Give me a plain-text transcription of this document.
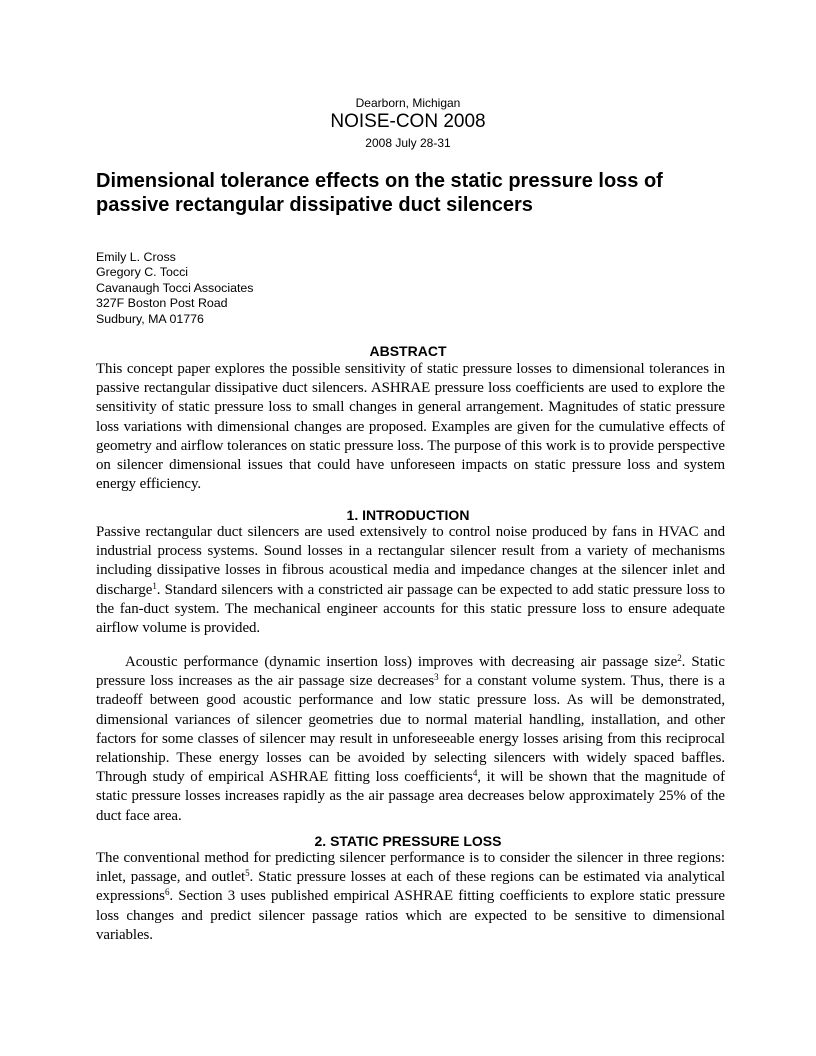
Dearborn, Michigan
NOISE-CON 2008
2008 July 28-31
Dimensional tolerance effects on the static pressure loss of passive rectangular dissipative duct silencers
Emily L. Cross
Gregory C. Tocci
Cavanaugh Tocci Associates
327F Boston Post Road
Sudbury, MA 01776
ABSTRACT

This concept paper explores the possible sensitivity of static pressure losses to dimensional tolerances in passive rectangular dissipative duct silencers. ASHRAE pressure loss coefficients are used to explore the sensitivity of static pressure loss to small changes in general arrangement. Magnitudes of static pressure loss variations with dimensional changes are proposed. Examples are given for the cumulative effects of geometry and airflow tolerances on static pressure loss. The purpose of this work is to provide perspective on silencer dimensional issues that could have unforeseen impacts on static pressure loss and system energy efficiency.

1. INTRODUCTION

Passive rectangular duct silencers are used extensively to control noise produced by fans in HVAC and industrial process systems. Sound losses in a rectangular silencer result from a variety of mechanisms including dissipative losses in fibrous acoustical media and impedance changes at the silencer inlet and discharge$^1$. Standard silencers with a constricted air passage can be expected to add static pressure loss to the fan-duct system. The mechanical engineer accounts for this static pressure loss to ensure adequate airflow volume is provided.

Acoustic performance (dynamic insertion loss) improves with decreasing air passage size$^2$. Static pressure loss increases as the air passage size decreases$^3$ for a constant volume system. Thus, there is a tradeoff between good acoustic performance and low static pressure loss. As will be demonstrated, dimensional variances of silencer geometries due to normal material handling, installation, and other factors for some classes of silencer may result in unforeseeable energy losses arising from this reciprocal relationship. These energy losses can be avoided by selecting silencers with widely spaced baffles. Through study of empirical ASHRAE fitting loss coefficients$^4$, it will be shown that the magnitude of static pressure losses increases rapidly as the air passage area decreases below approximately 25% of the duct face area.

2. STATIC PRESSURE LOSS

The conventional method for predicting silencer performance is to consider the silencer in three regions: inlet, passage, and outlet$^5$. Static pressure losses at each of these regions can be estimated via analytical expressions$^6$. Section 3 uses published empirical ASHRAE fitting coefficients to explore static pressure loss changes and predict silencer passage ratios which are expected to be sensitive to dimensional variables.
